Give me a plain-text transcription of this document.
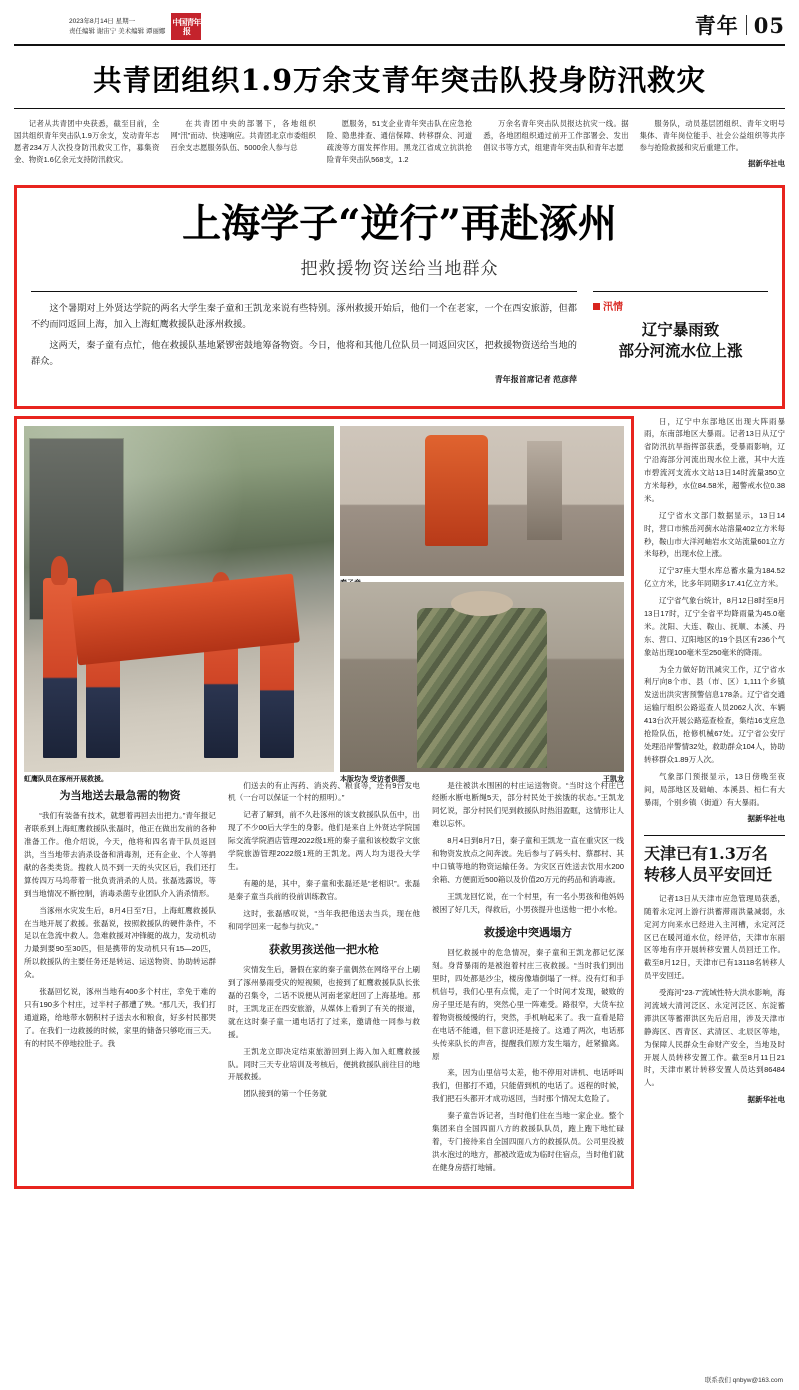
2023年8月14日 星期一
责任编辑 谢宙宁 美术编辑 谭丽娜
中国青年报	青年 05
共青团组织1.9万余支青年突击队投身防汛救灾

记者从共青团中央获悉，截至目前，全国共组织青年突击队1.9万余支，发动青年志愿者234万人次投身防汛救灾工作，募集资金、物资1.6亿余元支持防汛救灾。

在共青团中央的部署下，各地组织网“汛”而动、快速响应。共青团北京市委组织百余支志愿服务队伍、5000余人参与总

愿服务，51支企业青年突击队在应急抢险、隐患排查、通信保障、转移群众、河道疏浚等方面发挥作用。黑龙江省成立抗洪抢险青年突击队568支，1.2

万余名青年突击队员报达抗灾一线。据悉，各地团组织通过前开工作部署会、发出倡议书等方式，组建青年突击队和青年志愿

服务队，动员基层团组织、青年文明号集体、青年岗位能手、社会公益组织等共序参与抢险救援和灾后重建工作。

据新华社电

上海学子“逆行”再赴涿州
把救援物资送给当地群众

这个暑期对上外贤达学院的两名大学生秦子童和王凯龙来说有些特别。涿州救援开始后，他们一个在老家，一个在西安旅游，但都不约而同返回上海，加入上海虹鹰救援队赴涿州救援。

这两天，秦子童有点忙，他在救援队基地紧锣密鼓地筹备物资。今日，他将和其他几位队员一同返回灾区，把救援物资送给当地的群众。

青年报首席记者 范彦萍

汛情
辽宁暴雨致
部分河流水位上涨
虹鹰队员在涿州开展救援。	本版均为 受访者供图	王凯龙
为当地送去最急需的物资

“我们有装备有技术，就想着再回去出把力。”青年报记者联系到上海虹鹰救援队张磊时，他正在做出发前的各种准备工作。他介绍说，今天，他将和四名青干队员返回洪，当当地带去消杀设备和消毒剂，还有企业、个人等捐献的各类类货。搜救人员不到一天的头灾区后，我们还打算传四万马坞带着一批负责消杀的人员。张磊选露说，等到当地情况不断控制，消毒杀菌专业团队介入消杀情形。

当涿州水灾发生后，8月4日至7日，上海虹鹰救援队在当地开展了救援。张磊说，按照救援队的硬件条件，不足以在急流中救人。急难救援对冲锋艇的战力，发动机动力最到要90至30匹，但是携带的发动机只有15—20匹，所以救援队的主要任务还是转运、运送物资、协助转运群众。

张磊回忆说，涿州当地有400多个村庄，幸免于难的只有190多个村庄，过半村子都遭了殃。“那几天，我们打通道路，给地带水朝积村子送去水和粮食，好多村民都哭了。在我们一边救援的时候，家里的储备只够吃而三天。有的村民不停地拉肚子。我

们送去的有止泻药、消炎药、粮食等，还有9台发电机（一台可以保证一个村的照明）。”

记者了解到，前不久赴涿州的该支救援队队伍中，出现了不少00后大学生的身影。他们是来自上外贤达学院国际交流学院酒店管理2022级1班的秦子童和该校数字文旅学院旅游管理2022级1班的王凯龙。两人均为退役大学生。

有趣的是，其中，秦子童和张磊还是“老相识”。张磊是秦子童当兵前的役前训练教官。

这时，张磊感叹说，“当年我把他送去当兵，现在他和同学回来一起参与抗灾。”

获救男孩送他一把水枪

灾情发生后，暑假在家的秦子童偶然在网络平台上刷到了涿州暴雨受灾的短视频，也接到了虹鹰救援队队长张磊的召集令，二话不说便从河南老家赶回了上海基地。那时，王凯龙正在西安旅游，从媒体上看到了有关的报道，就在这时秦子童一通电话打了过来，邀请他一同参与救援。

王凯龙立即决定结束旅游回到上海入加入虹鹰救援队。同时三天专业培训及考核后，便挑救援队前往目的地开展救援。

团队接到的第一个任务就

是往被洪水围困的村庄运送物资。“当时这个村庄已经断水断电断绳5天，部分村民处于挨饿的状态。”王凯龙同忆说，部分村民们见到救援队时热泪盈眶，这情形让人难以忘怀。

8月4日到8月7日，秦子童和王凯龙一直在重灾区一线和物资发放点之间奔波。先后参与了码头村、蔡郡村、其中口镇等地的物资运输任务。为灾区百姓送去饮用水200余箱、方便面近500箱以及价值20万元的药品和消毒液。

王凯龙回忆说，在一个村里，有一名小男孩和他妈妈被困了好几天，得救后，小男孩提升也送他一把小水枪。

救援途中突遇塌方

回忆救援中的危急情况，秦子童和王凯龙都记忆深刻。身背暴雨的是被泡着村庄三夜救援。“当时我们到出里时，四处都是沙尘，楼房像墙倒塌了一样。没有灯和手机信号，我们心里有点慌，走了一个时间才发现，破败的房子里还是有的，突然心里一阵难受。路很窄，大货车拉着物资极缓慢的行，突然，手机响起来了。我一直看是陪在电话不能通，但下意识还是接了。这通了两次，电话那头传来队长的声音，提醒我们原方发生塌方，赶紧撤离。原

来，因为山里信号太差，他不停用对讲机、电话呼叫我们，但都打不通，只能借到机的电话了。返程的时候，我们把石头都开才成功返回，当时那个情况太危险了。

秦子童告诉记者，当时他们住在当地一家企业。整个集团来自全国四面八方的救援队队员，跑上跑下地忙碌着，专门接待来自全国四面八方的救援队员。公司里没被洪水泡过的地方，都被改造成为临时住宿点，当时他们就在健身房搭打地铺。

日，辽宁中东部地区出现大阵雨暴雨，东南部地区大暴雨。记者13日从辽宁省防汛抗旱指挥部获悉，受暴雨影响，辽宁沿海部分河流出现水位上涨，其中大连市碧流河支流水文站13日14时流量350立方米每秒，水位84.58米，超警戒水位0.38米。

辽宁省水文部门数据显示，13日14时，营口市熊岳河蓟水站溶量402立方米每秒，鞍山市大洋河岫岩水文站流量601立方米每秒，出现水位上涨。

辽宁37座大型水库总蓄水量为184.52亿立方米，比多年同期多17.41亿立方米。

辽宁省气象台统计，8月12日8时至8月13日17时，辽宁全省平均降雨量为45.0毫米。沈阳、大连、鞍山、抚顺、本溪、丹东、营口、辽阳地区的19个县区有236个气象站出现100毫米至250毫米的降雨。

为全力做好防汛减灾工作，辽宁省水利厅向8个市、县（市、区）1,111个乡镇发送出洪灾害预警信息178条。辽宁省交通运输厅组织公路巡查人员2062人次、车辆413台次开展公路巡查检查，集结16支应急抢险队伍，抢修机械67处。辽宁省公安厅处理沿岸警情32处，救助群众104人，协助转移群众1.89万人次。

气象部门预报显示，13日傍晚至夜间，局部地区及础岫、本溪县、桓仁有大暴雨，个别乡镇（街道）有大暴雨。

据新华社电

天津已有1.3万名
转移人员平安回迁

记者13日从天津市应急管理局获悉，随着永定河上游行洪蓄滞雨洪量减弱，永定河方向来水已经进入主河槽，永定河泛区已在暖河道水位，经评估，天津市东丽区等地有序开展转移安置人员回迁工作。截至8月12日，天津市已有13118名转移人员平安回迁。

受海河“23·7”流域性特大洪水影响，海河流域大清河泛区、永定河泛区、东淀蓄滞洪区等蓄滞洪区先后启用，涉及天津市静海区、西青区、武清区、北辰区等地，为保障人民群众生命财产安全，当地及时开展人员转移安置工作。截至8月11日21时，天津市累计转移安置人员达到86484人。

据新华社电

联系我们 qnbyw@163.com
